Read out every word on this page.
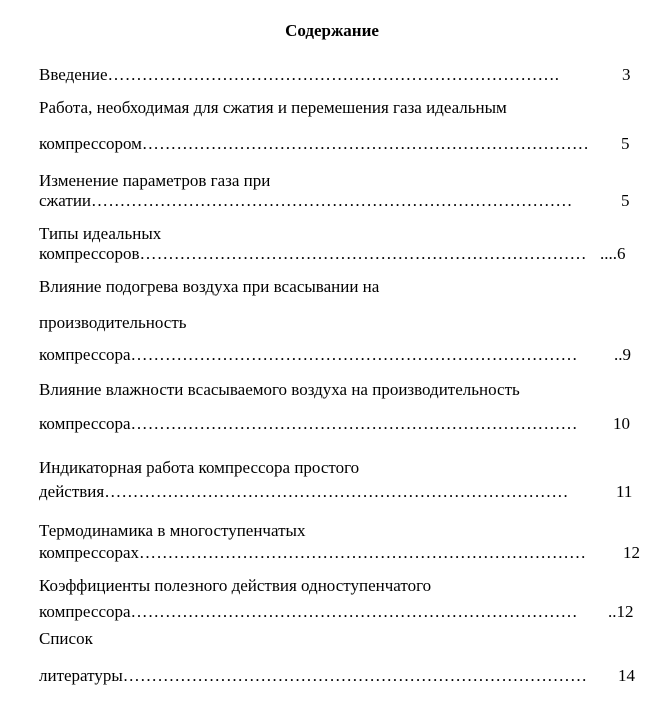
Содержание
Введение…………………………………………………………………….	3
Работа, необходимая для сжатия и перемешения газа идеальным
компрессором……………………………………………………………………	5
Изменение параметров газа при
сжатии…………………………………………………………………………	5
Типы идеальных
компрессоров…………………………………………………………………… ....6
Влияние подогрева воздуха при всасывании на
производительность
компрессора……………………………………………………………………	..9
Влияние влажности всасываемого воздуха на производительность
компрессора……………………………………………………………………	10
Индикаторная работа компрессора простого
действия………………………………………………………………………	11
Термодинамика в многоступенчатых
компрессорах……………………………………………………………………	12
Коэффициенты полезного действия одноступенчатого
компрессора……………………………………………………………………	..12
Список
литературы………………………………………………………………………	14
